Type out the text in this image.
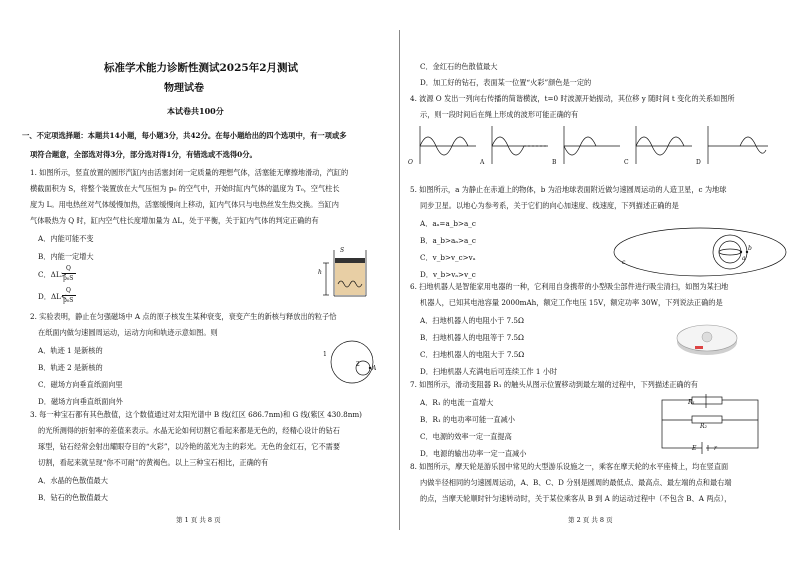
标准学术能力诊断性测试2025年2月测试
物理试卷
本试卷共100分
一、不定项选择题：本题共14小题，每小题3分，共42分。在每小题给出的四个选项中，有一项或多
项符合题意，全部选对得3分，部分选对得1分，有错选或不选得0分。
1. 如图所示，竖直放置的圆形汽缸内由活塞封闭一定质量的理想气体，活塞能无摩擦地滑动，汽缸的
横截面积为 S，将整个装置放在大气压恒为 p₀ 的空气中，开始时缸内气体的温度为 T₀，空气柱长
度为 L。用电热丝对气体缓慢加热，活塞缓慢向上移动，缸内气体只与电热丝发生热交换。当缸内
气体吸热为 Q 时，缸内空气柱长度增加量为 ΔL，处于平衡，关于缸内气体的判定正确的有
A．内能可能不变
B．内能一定增大
C．ΔL>
Q
p₀S
D．ΔL<
Q
p₀S
S
h
2. 实验表明，静止在匀强磁场中 A 点的原子核发生某种衰变，衰变产生的新核与释放出的粒子恰
在纸面内做匀速圆周运动，运动方向和轨迹示意如图。则
A．轨迹 1 是新核的
B．轨迹 2 是新核的
C．磁场方向垂直纸面向里
D．磁场方向垂直纸面向外
1
2
A
3. 每一种宝石都有其色散值，这个数值通过对太阳光谱中 B 线(红区 686.7nm)和 G 线(紫区 430.8nm)
的光所测得的折射率的差值来表示。水晶无论如何切割它看起来都是无色的，经精心设计的钻石
琢型，钻石经常会射出耀眼夺目的“火彩”，以冷艳的蓝光为主的彩光。无色的金红石，它不需要
切割，看起来就呈现“你不可耐”的黄褐色。以上三种宝石相比，正确的有
A．水晶的色散值最大
B．钻石的色散值最大
第 1 页 共 8 页
C．金红石的色散值最大
D．加工好的钻石，表面某一位置“火彩”颜色是一定的
4. 波源 O 发出一列向右传播的简谐横波，t=0 时波源开始振动，其位移 y 随时间 t 变化的关系如图所
示，则一段时间后在绳上形成的波形可能正确的有
O	A	B	C	D
5. 如图所示，a 为静止在赤道上的物体，b 为沿地球表面附近做匀速圆周运动的人造卫星，c 为地球
同步卫星。以地心为参考系，关于它们的向心加速度、线速度，下列描述正确的是
A．aₐ=a_b>a_c
B．a_b>aₐ>a_c
C．v_b>v_c>vₐ
D．v_b>vₐ>v_c
c
b
a
6. 扫地机器人是智能家用电器的一种，它利用自身携带的小型吸尘部件进行吸尘清扫，如图为某扫地
机器人，已知其电池容量 2000mAh，额定工作电压 15V，额定功率 30W，下列说法正确的是
A．扫地机器人的电阻小于 7.5Ω
B．扫地机器人的电阻等于 7.5Ω
C．扫地机器人的电阻大于 7.5Ω
D．扫地机器人充满电后可连续工作 1 小时
7. 如图所示，滑动变阻器 R₁ 的触头从图示位置移动到最左端的过程中，下列描述正确的有
A．R₁ 的电流一直增大
B．R₁ 的电功率可能一直减小
C．电源的效率一定一直提高
D．电源的输出功率一定一直减小
R₁
R₂
E	r
8. 如图所示，摩天轮是游乐园中常见的大型游乐设施之一，乘客在摩天轮的水平座椅上，均在竖直面
内做半径相同的匀速圆周运动，A、B、C、D 分别是圆周的最低点、最高点、最左端的点和最右端
的点，当摩天轮顺时针匀速转动时，关于某位乘客从 B 到 A 的运动过程中（不包含 B、A 两点），
第 2 页 共 8 页
